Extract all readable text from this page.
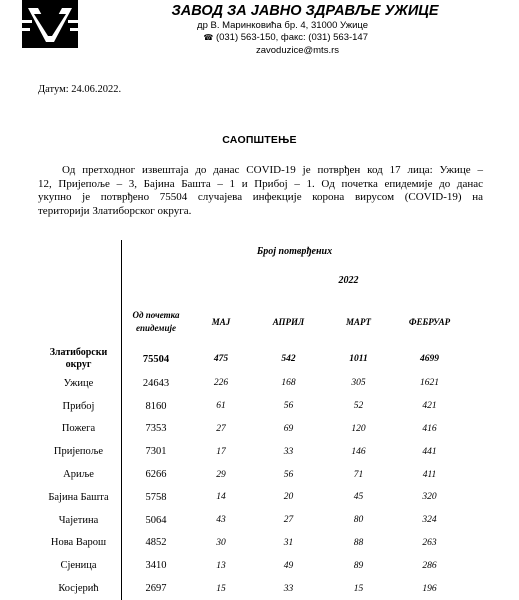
ЗАВОД ЗА ЈАВНО ЗДРАВЉЕ УЖИЦЕ
др В. Маринковића бр. 4, 31000 Ужице
☎ (031) 563-150, факс: (031) 563-147
zavoduzice@mts.rs
Датум: 24.06.2022.
САОПШТЕЊЕ
Од претходног извештаја до данас COVID-19 је потврђен код 17 лица: Ужице –
12, Пријепоље – 3, Бајина Башта – 1 и Прибој – 1. Од почетка епидемије до данас
укупно је потврђено 75504 случајева инфекције корона вирусом (COVID-19) на
територији Златиборског округа.
	Број потврђених				
		2022			
	Од почетка епидемије	МАЈ	АПРИЛ	МАРТ	ФЕБРУАР
Златиборски округ	75504	475	542	1011	4699
Ужице	24643	226	168	305	1621
Прибој	8160	61	56	52	421
Пожега	7353	27	69	120	416
Пријепоље	7301	17	33	146	441
Ариље	6266	29	56	71	411
Бајина Башта	5758	14	20	45	320
Чајетина	5064	43	27	80	324
Нова Варош	4852	30	31	88	263
Сјеница	3410	13	49	89	286
Косјерић	2697	15	33	15	196
